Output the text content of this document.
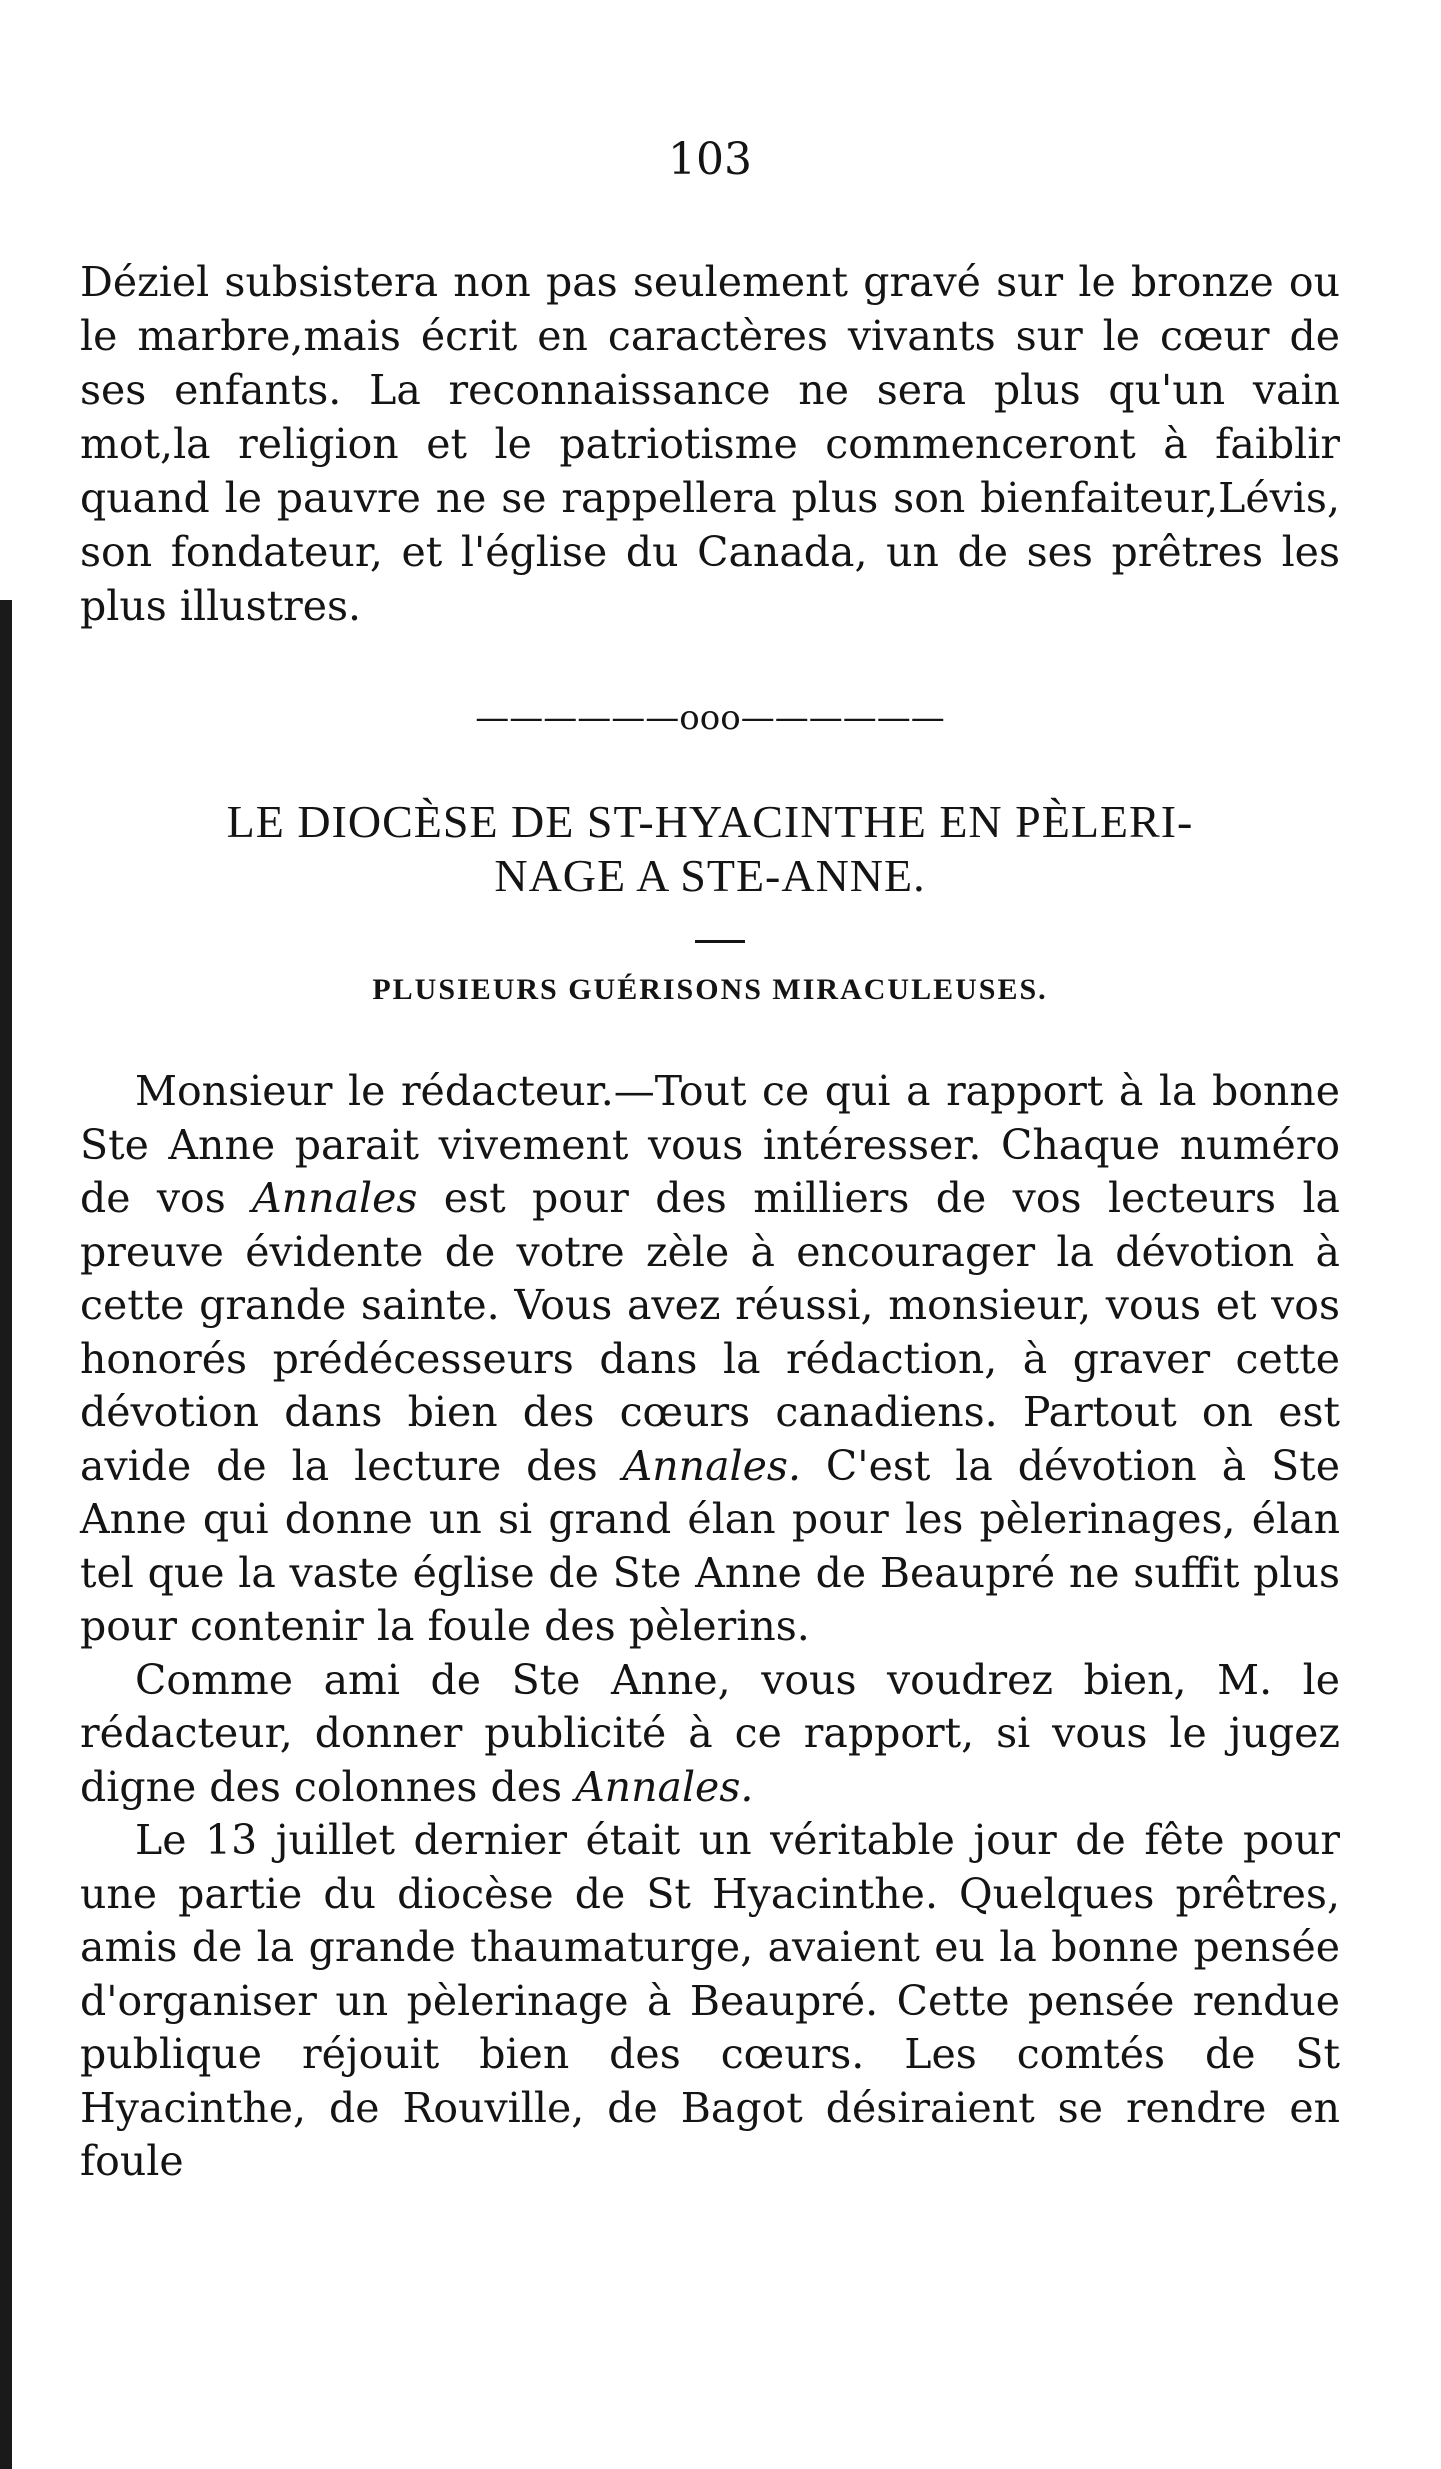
103
Déziel subsistera non pas seulement gravé sur le bronze ou le marbre,mais écrit en caractères vivants sur le cœur de ses enfants. La reconnaissance ne sera plus qu'un vain mot,la religion et le patriotisme commenceront à faiblir quand le pauvre ne se rappellera plus son bienfaiteur,Lévis, son fondateur, et l'église du Canada, un de ses prêtres les plus illustres.
——————ooo——————
LE DIOCÈSE DE ST-HYACINTHE EN PÈLERI-
NAGE A STE-ANNE.
PLUSIEURS GUÉRISONS MIRACULEUSES.

Monsieur le rédacteur.—Tout ce qui a rapport à la bonne Ste Anne parait vivement vous intéresser. Chaque numéro de vos Annales est pour des milliers de vos lecteurs la preuve évidente de votre zèle à encourager la dévotion à cette grande sainte. Vous avez réussi, monsieur, vous et vos honorés prédécesseurs dans la rédaction, à graver cette dévotion dans bien des cœurs canadiens. Partout on est avide de la lecture des Annales. C'est la dévotion à Ste Anne qui donne un si grand élan pour les pèlerinages, élan tel que la vaste église de Ste Anne de Beaupré ne suffit plus pour contenir la foule des pèlerins.

Comme ami de Ste Anne, vous voudrez bien, M. le rédacteur, donner publicité à ce rapport, si vous le jugez digne des colonnes des Annales.

Le 13 juillet dernier était un véritable jour de fête pour une partie du diocèse de St Hyacinthe. Quelques prêtres, amis de la grande thaumaturge, avaient eu la bonne pensée d'organiser un pèlerinage à Beaupré. Cette pensée rendue publique réjouit bien des cœurs. Les comtés de St Hyacinthe, de Rouville, de Bagot désiraient se rendre en foule
